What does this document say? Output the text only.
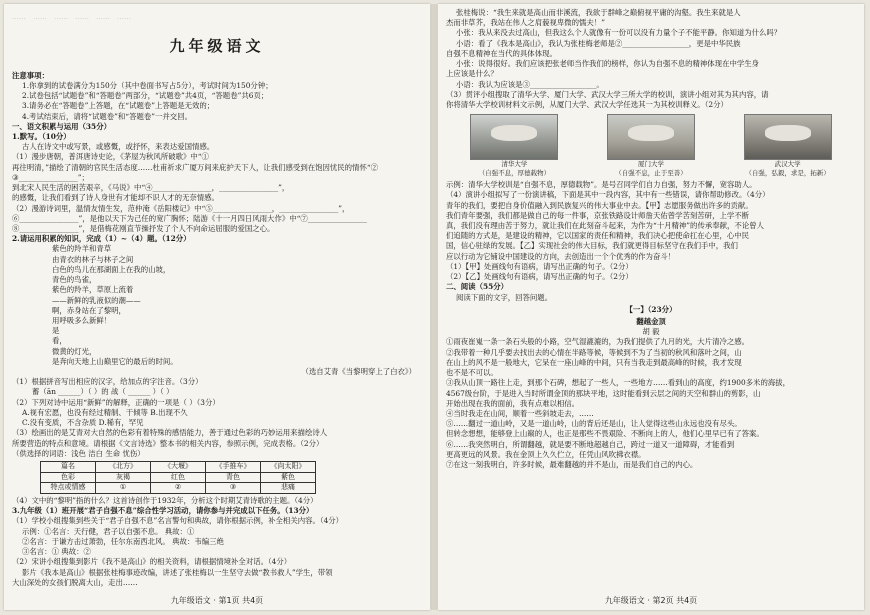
……　……　……　……　……　……
九年级语文
注意事项：
1.你拿到的试卷满分为150分（其中卷面书写占5分），考试时间为150分钟；
2.试卷包括“试题卷”和“答题卷”两部分，“试题卷”共4页，“答题卷”共6页；
3.请务必在“答题卷”上答题，在“试题卷”上答题是无效的；
4.考试结束后，请将“试题卷”和“答题卷”一并交回。
一、语文积累与运用（35分）
1.默写。（10分）
古人在诗文中或写景，或感慨，或抒怀，来表达爱国情感。
（1）漫步唐朝，普洱唐诗史论，《茅屋为秋风所破歌》中“①
再往明清，”描绘了清朝的官民生活态度……杜甫祈求广厦万间来庇护天下人，让我们感受到在饱因忧民的情怀“②
③________________”；
到北宋人民生活的困苦艰辛，《马说》中“④________________，________________”，
的感慨，让我们看到了诗人身世有才能却不识人才的无奈情感。
（2）漫游诗词里，温情友情生发，范仲淹《岳阳楼记》中“⑤________________，________________”，
⑥________________”，是他以天下为己任的宽广胸怀；陆游《十一月四日风雨大作》中“⑦________________
⑧________________”，是借梅花刚直节操抒发了个人不向命运屈服的爱国之心。
2.请运用积累的知识，完成（1）~（4）题。（12分）
紫色的羚羊和青草
由青衣的林子与林子之间
白色的鸟儿在那湖面上在我的山坡，
青色的鸟雀，
紫色的羚羊，草原上流着
——新鲜的乳液似的潮——
啊，赤身站在了黎明，
用呼吸多么新鲜！
是
看，
微黄的灯光，
是奔向天地上山巅里它的最后的时间。
（选自艾青《当黎明穿上了白衣》）
（1）根据拼音写出相应的汉字，给加点的字注音。（3分）
蓄（ān ______）（ ）的 战（ ______ ）（ ）
（2）下列对诗中运用“新鲜”的解释，正确的一项是（ ）（3分）
A.视有宏愿，也没有经过精制、干倾等 B.出现不久
C.没有变质，不含杂质 D.稀有，罕见
（3）绘画出的是艾青对大自然的色彩有着特殊的感悟能力，善于通过色彩的巧妙运用来描绘诗人
所要营造的特点和意境。请根据《文言诗选》整本书的相关内容，参照示例，完成表格。（2分）
（供选择的词语：浅色 洁白 生命 忧伤）
篇名	《北方》	《大堰》	《手推车》	《向太阳》
色彩	灰褐	红色	青色	紫色
特点或情感	①	②	③	悲痛
（4）文中的“黎明”指的什么？这首诗创作于1932年，分析这个时期艾青诗歌的主题。（4分）
3.九年级（1）班开展“君子自强不息”综合性学习活动，请你参与并完成以下任务。（13分）
（1）学校小组搜集到些关于“君子自强不息”名言警句和典故，请你根据示例，补全相关内容。（4分）
示例：①名言：天行健，君子以自强不息。 典故：①
②名言：于谦方击过萧勃，任尔东南西北风。 典故：韦编三绝
③名言：① 典故：②
（2）宋讲小组搜集到影片《我不是高山》的相关资料，请根据情境补全对话。（4分）
影片《我本是高山》根据张桂梅事迹改编，讲述了张桂梅以一生坚守去做“教书救人”学生，带领
大山深处的女孩们脱离大山，走出……
九年级语文 · 第1页 共4页
张桂梅说：“我生来就是高山而非溪流，我欲于群峰之巅俯视平庸的沟壑。我生来就是人
杰而非草芥，我站在伟人之肩藐视卑微的懦夫！”
小张：我从来没去过高山，但我这么个人就像有一份可以没有力量个子不能平静。你知道为什么吗？
小语：看了《我本是高山》，我认为张桂梅老师是②__________________，更是中华民族
自强不息精神在当代的具体体现。
小张：说得很好。我们应该把张老师当作我们的榜样，你认为自强不息的精神体现在中学生身
上应该是什么？
小语：我认为应该是③__________________。
（3）贯评小组搜取了清华大学、厦门大学、武汉大学三所大学的校训，演讲小组对其为其内容，请
你将清华大学校训材料文示例，从厦门大学、武汉大学任选其一为其校训释义。（2分）
清华大学
（自强不息，厚德载物）
厦门大学
（自强不息，止于至善）
武汉大学
（自强，弘毅，求是，拓新）
示例：清华大学校训是“自强不息，厚德载物”。是号召同学们自力自强，努力不懈，宽容助人。
（4）演讲小组拟写了一份演讲稿，下面是其中一段内容，其中有一些错误，请你帮助修改。（4分）
青年的我们，要把自身价值融入到民族复兴的伟大事业中去。【甲】志愿服务做出许多的贡献。
我们青年要强，我们都是做自己的每一件事，京张铁路设计师詹天佑曾学苦刻苦研，上学不断
真，我们没有理由苦于努力，就让我们在此刻奋斗起来，为作为“十月精神”的传承奉献，不论曾人
们追随的方式是，是建设的精神，它以国家的责任和精神，我们决心把使命扛在心里，心中民
国，信心驻绿的发展。【乙】实现社会的伟大目标，我们就更得目标坚守在我们手中，我们
应以行动为它铺设中国建设的方向，去创造出一个个优秀的作为奋斗！
（1）【甲】处画线句有语病，请写出正确的句子。（2分）
（2）【乙】处画线句有语病，请写出正确的句子。（2分）
二、阅读（55分）
阅读下面的文字，回答问题。
【一】（23分）
翻越金顶
胡 毅
①雨夜崔嵬一条一条石头般的小路，空气湿漉漉的，为我们提供了九月的光，大片清冷之感。
②我带着一种几乎要去找出去的心情在半路等候，等候到不为了当初的秋风和落叶之间，山
在山上的风不是一般地大，它呆在一座山峰的中间，只有当我走到最高峰的时候，我才发现
也不是不可以。
③我从山顶一路往上走，到那个石碑，想起了一些人，一些地方……看到山的高度，约1900多米的海拔，
4567级台阶，于是进入当时所谓金顶的那块平地，这时能看到云层之间的天空和群山的剪影，山
开始出现在我的面前，我有点难以相信。
④当时我走在山间，顺着一些斜坡走去，……
⑤……翻过一道山岭，又是一道山岭，山的背后还是山，让人觉得这些山永远也没有尽头。
但转念想想，能够登上山巅的人，也正是那些不畏艰险、不断向上的人，他们心里早已有了答案。
⑥……我突然明白，所谓翻越，就是要不断地超越自己，跨过一道又一道障碍，才能看到
更高更远的风景。我在金顶上久久伫立，任凭山风吹拂衣襟。
⑦在这一刻我明白，许多时候，最难翻越的并不是山，而是我们自己的内心。
九年级语文 · 第2页 共4页
